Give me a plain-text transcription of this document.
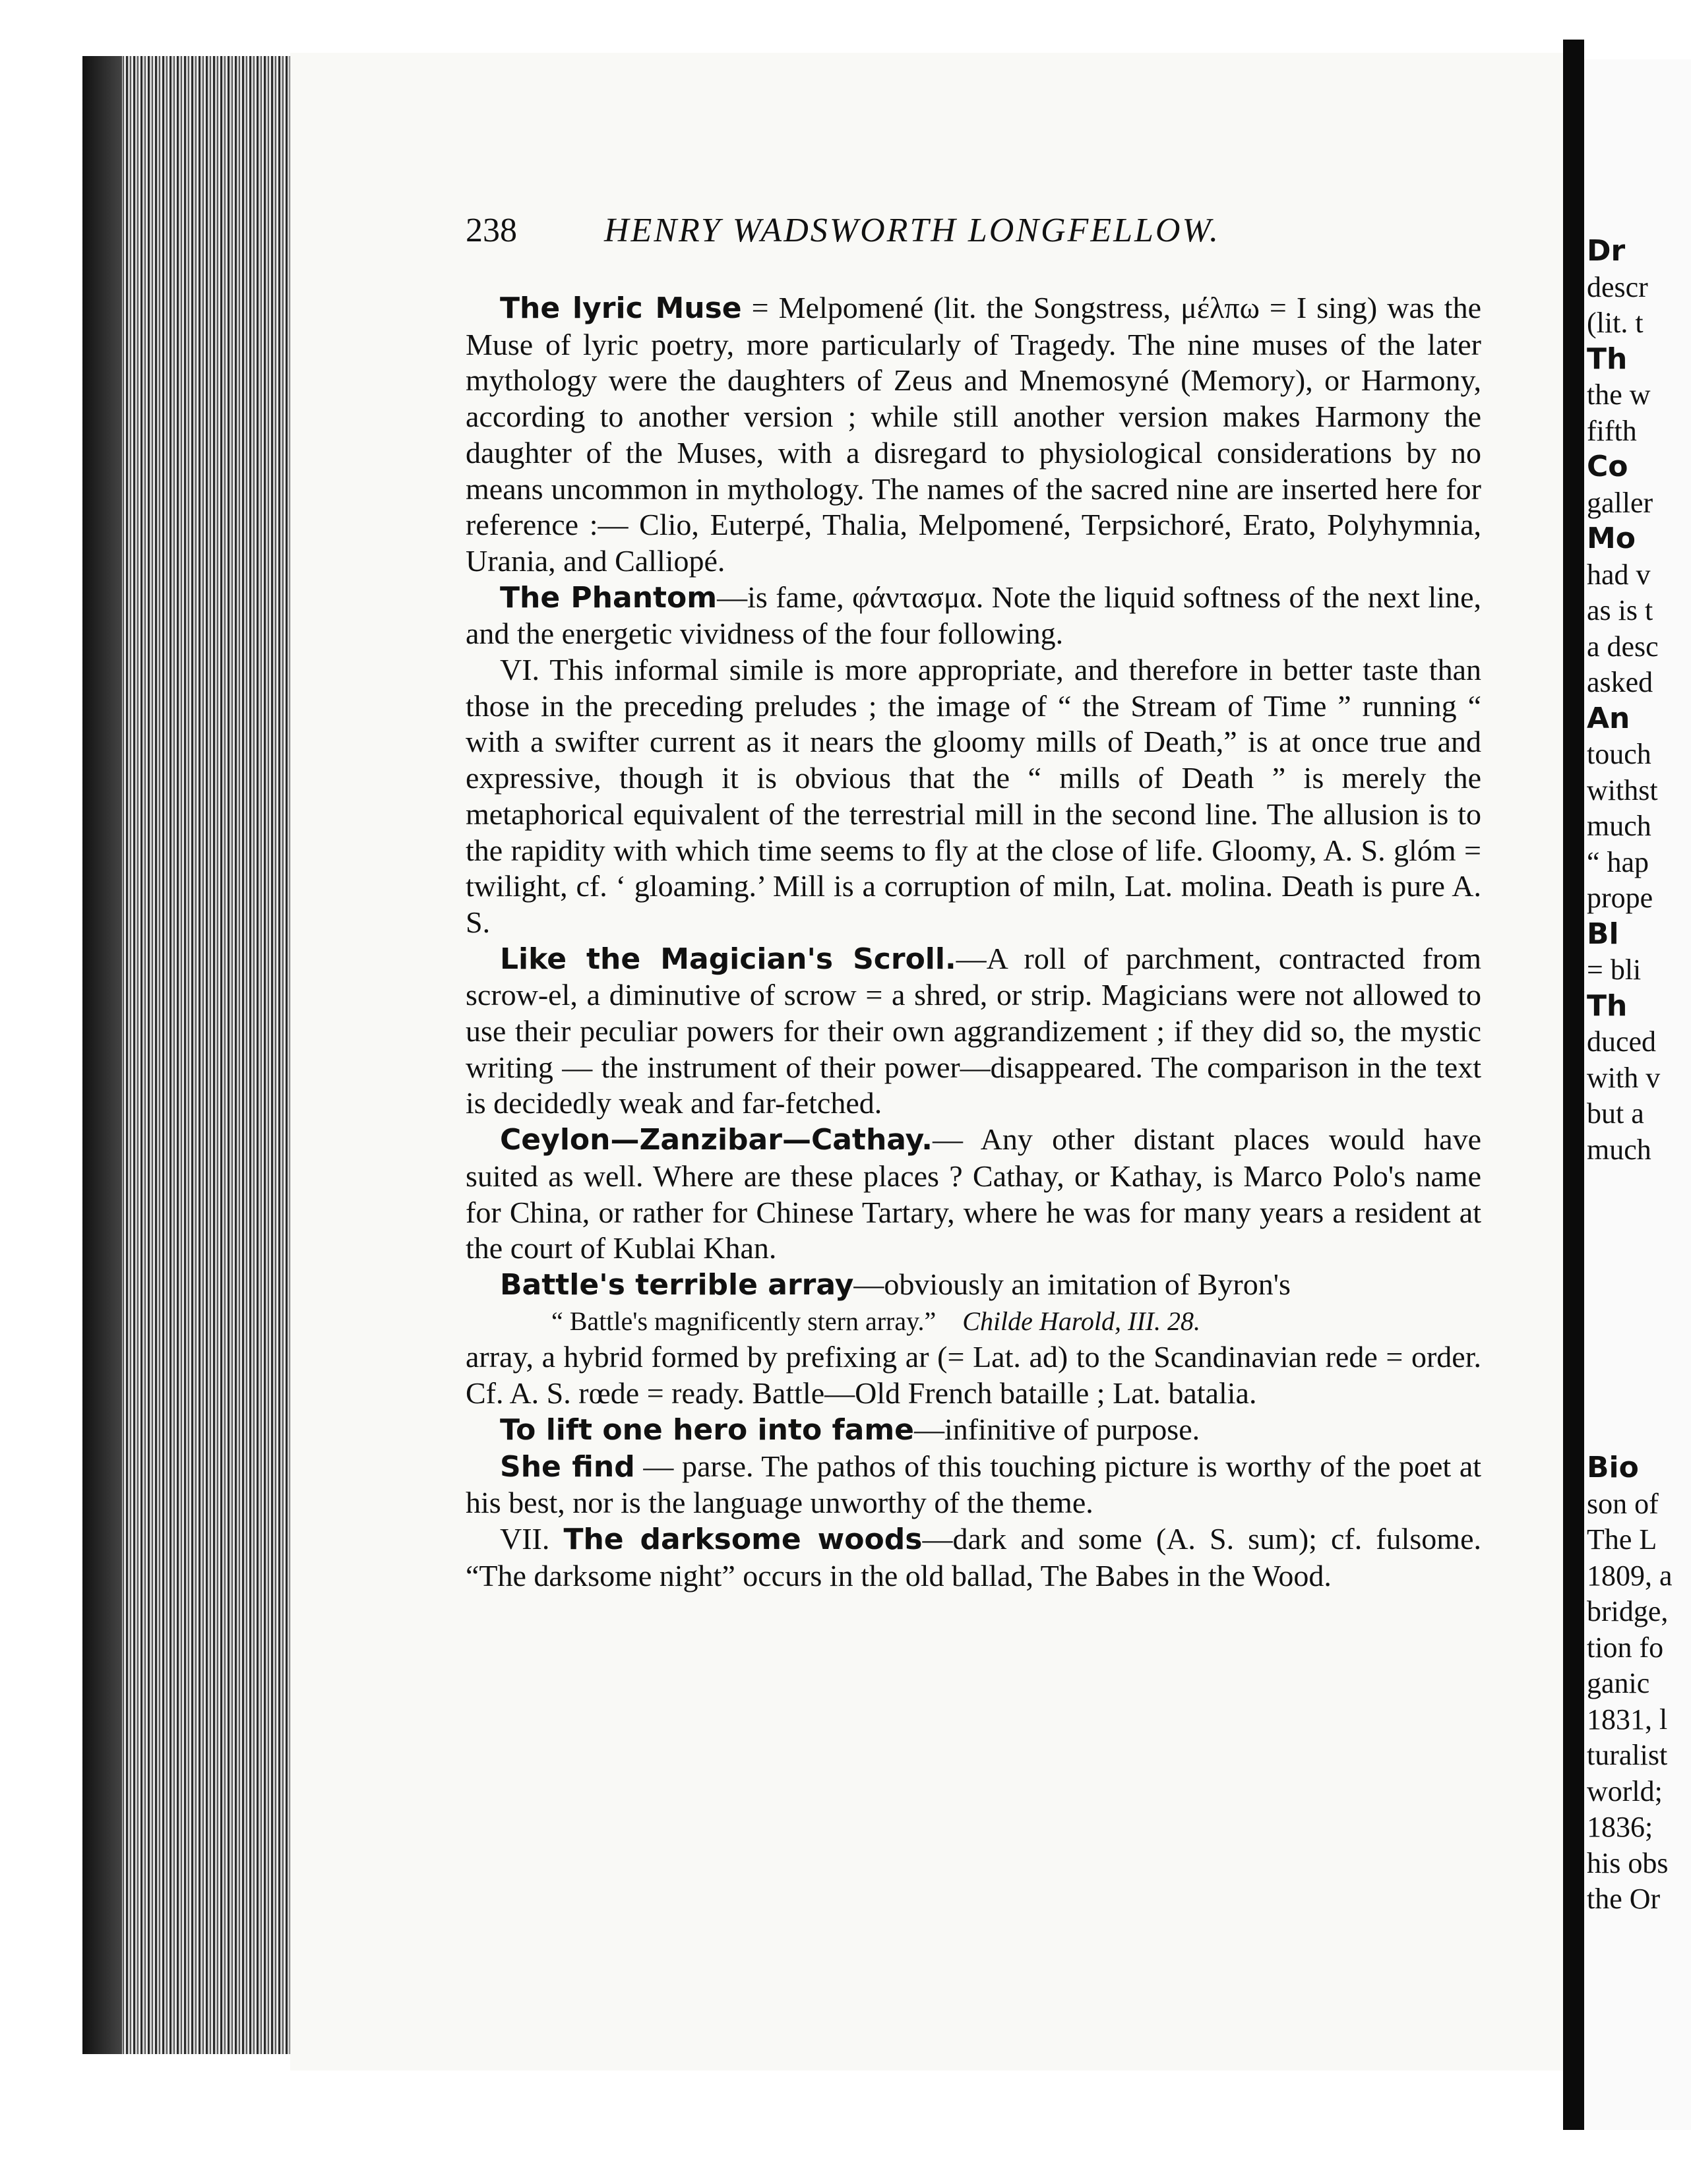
238	HENRY WADSWORTH LONGFELLOW.

The lyric Muse = Melpomené (lit. the Songstress, μέλπω = I sing) was the Muse of lyric poetry, more particularly of Tragedy. The nine muses of the later mythology were the daughters of Zeus and Mnemosyné (Memory), or Harmony, according to another version ; while still another version makes Harmony the daughter of the Muses, with a disregard to physiological considerations by no means uncommon in mythology. The names of the sacred nine are inserted here for reference :— Clio, Euterpé, Thalia, Melpomené, Terpsichoré, Erato, Polyhymnia, Urania, and Calliopé.

The Phantom—is fame, φάντασμα. Note the liquid softness of the next line, and the energetic vividness of the four following.

VI. This informal simile is more appropriate, and therefore in better taste than those in the preceding preludes ; the image of “ the Stream of Time ” running “ with a swifter current as it nears the gloomy mills of Death,” is at once true and expressive, though it is obvious that the “ mills of Death ” is merely the metaphorical equivalent of the terrestrial mill in the second line. The allusion is to the rapidity with which time seems to fly at the close of life. Gloomy, A. S. glóm = twilight, cf. ‘ gloaming.’ Mill is a corruption of miln, Lat. molina. Death is pure A. S.

Like the Magician's Scroll.—A roll of parchment, contracted from scrow-el, a diminutive of scrow = a shred, or strip. Magicians were not allowed to use their peculiar powers for their own aggrandizement ; if they did so, the mystic writing — the instrument of their power—disappeared. The comparison in the text is decidedly weak and far-fetched.

Ceylon—Zanzibar—Cathay.— Any other distant places would have suited as well. Where are these places ? Cathay, or Kathay, is Marco Polo's name for China, or rather for Chinese Tartary, where he was for many years a resident at the court of Kublai Khan.

Battle's terrible array—obviously an imitation of Byron's

“ Battle's magnificently stern array.” Childe Harold, III. 28.

array, a hybrid formed by prefixing ar (= Lat. ad) to the Scandinavian rede = order. Cf. A. S. rœde = ready. Battle—Old French bataille ; Lat. batalia.

To lift one hero into fame—infinitive of purpose.

She find — parse. The pathos of this touching picture is worthy of the poet at his best, nor is the language unworthy of the theme.

VII. The darksome woods—dark and some (A. S. sum); cf. fulsome. “The darksome night” occurs in the old ballad, The Babes in the Wood.

Dr
descr
(lit. t
Th
the w
fifth
Co
galler
Mo
had v
as is t
a desc
asked
An
touch
withst
much
“ hap
prope
Bl
= bli
Th
duced
with v
but a
much
Bio
son of
The L
1809, a
bridge,
tion fo
ganic
1831, l
turalist
world;
1836;
his obs
the Or
